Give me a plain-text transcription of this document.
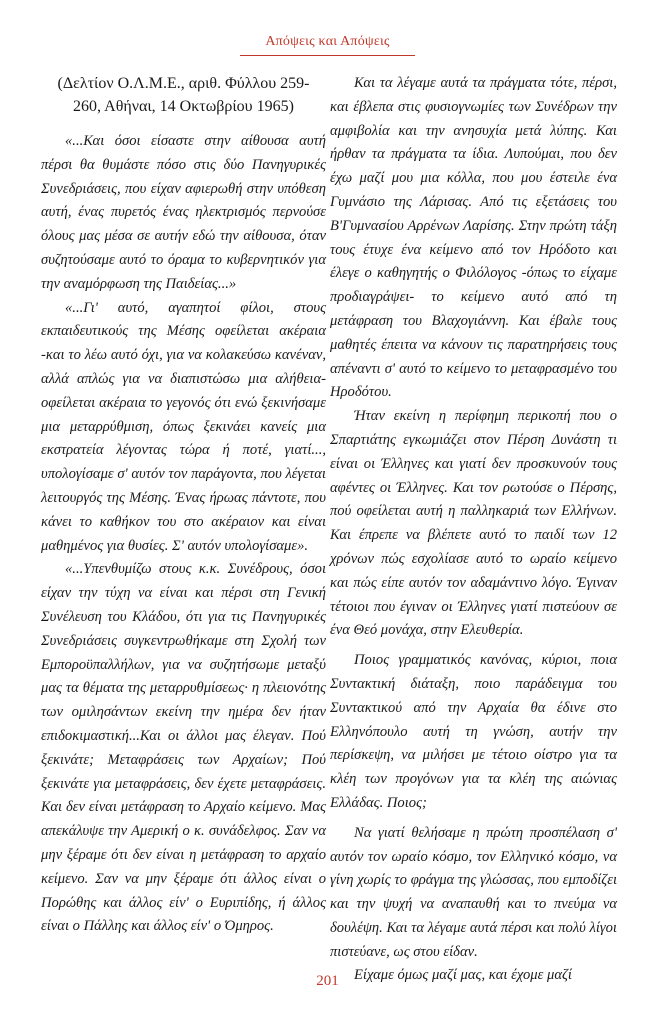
Απόψεις και Απόψεις

(Δελτίον Ο.Λ.Μ.Ε., αριθ. Φύλλου 259-260, Αθήναι, 14 Οκτωβρίου 1965)

«...Και όσοι είσαστε στην αίθουσα αυτή πέρσι θα θυμάστε πόσο στις δύο Πανηγυρικές Συνεδριάσεις, που είχαν αφιερωθή στην υπόθεση αυτή, ένας πυρετός ένας ηλεκτρισμός περνούσε όλους μας μέσα σε αυτήν εδώ την αίθουσα, όταν συζητούσαμε αυτό το όραμα το κυβερνητικόν για την αναμόρφωση της Παιδείας...»

«...Γι' αυτό, αγαπητοί φίλοι, στους εκπαιδευτικούς της Μέσης οφείλεται ακέραια -και το λέω αυτό όχι, για να κολακεύσω κανέναν, αλλά απλώς για να διαπιστώσω μια αλήθεια- οφείλεται ακέραια το γεγονός ότι ενώ ξεκινήσαμε μια μεταρρύθμιση, όπως ξεκινάει κανείς μια εκστρατεία λέγοντας τώρα ή ποτέ, γιατί..., υπολογίσαμε σ' αυτόν τον παράγοντα, που λέγεται λειτουργός της Μέσης. Ένας ήρωας πάντοτε, που κάνει το καθήκον του στο ακέραιον και είναι μαθημένος για θυσίες. Σ' αυτόν υπολογίσαμε».

«...Υπενθυμίζω στους κ.κ. Συνέδρους, όσοι είχαν την τύχη να είναι και πέρσι στη Γενική Συνέλευση του Κλάδου, ότι για τις Πανηγυρικές Συνεδριάσεις συγκεντρωθήκαμε στη Σχολή των Εμποροϋπαλλήλων, για να συζητήσωμε μεταξύ μας τα θέματα της μεταρρυθμίσεως· η πλειονότης των ομιλησάντων εκείνη την ημέρα δεν ήταν επιδοκιμαστική...Και οι άλλοι μας έλεγαν. Πού ξεκινάτε; Μεταφράσεις των Αρχαίων; Πού ξεκινάτε για μεταφράσεις, δεν έχετε μεταφράσεις. Και δεν είναι μετάφραση το Αρχαίο κείμενο. Μας απεκάλυψε την Αμερική ο κ. συνάδελφος. Σαν να μην ξέραμε ότι δεν είναι η μετάφραση το αρχαίο κείμενο. Σαν να μην ξέραμε ότι άλλος είναι ο Πορώθης και άλλος είν' ο Ευριπίδης, ή άλλος είναι ο Πάλλης και άλλος είν' ο Όμηρος.

Και τα λέγαμε αυτά τα πράγματα τότε, πέρσι, και έβλεπα στις φυσιογνωμίες των Συνέδρων την αμφιβολία και την ανησυχία μετά λύπης. Και ήρθαν τα πράγματα τα ίδια. Λυπούμαι, που δεν έχω μαζί μου μια κόλλα, που μου έστειλε ένα Γυμνάσιο της Λάρισας. Από τις εξετάσεις του Β'Γυμνασίου Αρρένων Λαρίσης. Στην πρώτη τάξη τους έτυχε ένα κείμενο από τον Ηρόδοτο και έλεγε ο καθηγητής ο Φιλόλογος -όπως το είχαμε προδιαγράψει- το κείμενο αυτό από τη μετάφραση του Βλαχογιάννη. Και έβαλε τους μαθητές έπειτα να κάνουν τις παρατηρήσεις τους απέναντι σ' αυτό το κείμενο το μεταφρασμένο του Ηροδότου.

Ήταν εκείνη η περίφημη περικοπή που ο Σπαρτιάτης εγκωμιάζει στον Πέρση Δυνάστη τι είναι οι Έλληνες και γιατί δεν προσκυνούν τους αφέντες οι Έλληνες. Και τον ρωτούσε ο Πέρσης, πού οφείλεται αυτή η παλληκαριά των Ελλήνων. Και έπρεπε να βλέπετε αυτό το παιδί των 12 χρόνων πώς εσχολίασε αυτό το ωραίο κείμενο και πώς είπε αυτόν τον αδαμάντινο λόγο. Έγιναν τέτοιοι που έγιναν οι Έλληνες γιατί πιστεύουν σε ένα Θεό μονάχα, στην Ελευθερία.

Ποιος γραμματικός κανόνας, κύριοι, ποια Συντακτική διάταξη, ποιο παράδειγμα του Συντακτικού από την Αρχαία θα έδινε στο Ελληνόπουλο αυτή τη γνώση, αυτήν την περίσκεψη, να μιλήσει με τέτοιο οίστρο για τα κλέη των προγόνων για τα κλέη της αιώνιας Ελλάδας. Ποιος;

Να γιατί θελήσαμε η πρώτη προσπέλαση σ' αυτόν τον ωραίο κόσμο, τον Ελληνικό κόσμο, να γίνη χωρίς το φράγμα της γλώσσας, που εμποδίζει και την ψυχή να αναπαυθή και το πνεύμα να δουλέψη. Και τα λέγαμε αυτά πέρσι και πολύ λίγοι πιστεύανε, ως στου είδαν.

Είχαμε όμως μαζί μας, και έχομε μαζί

201
